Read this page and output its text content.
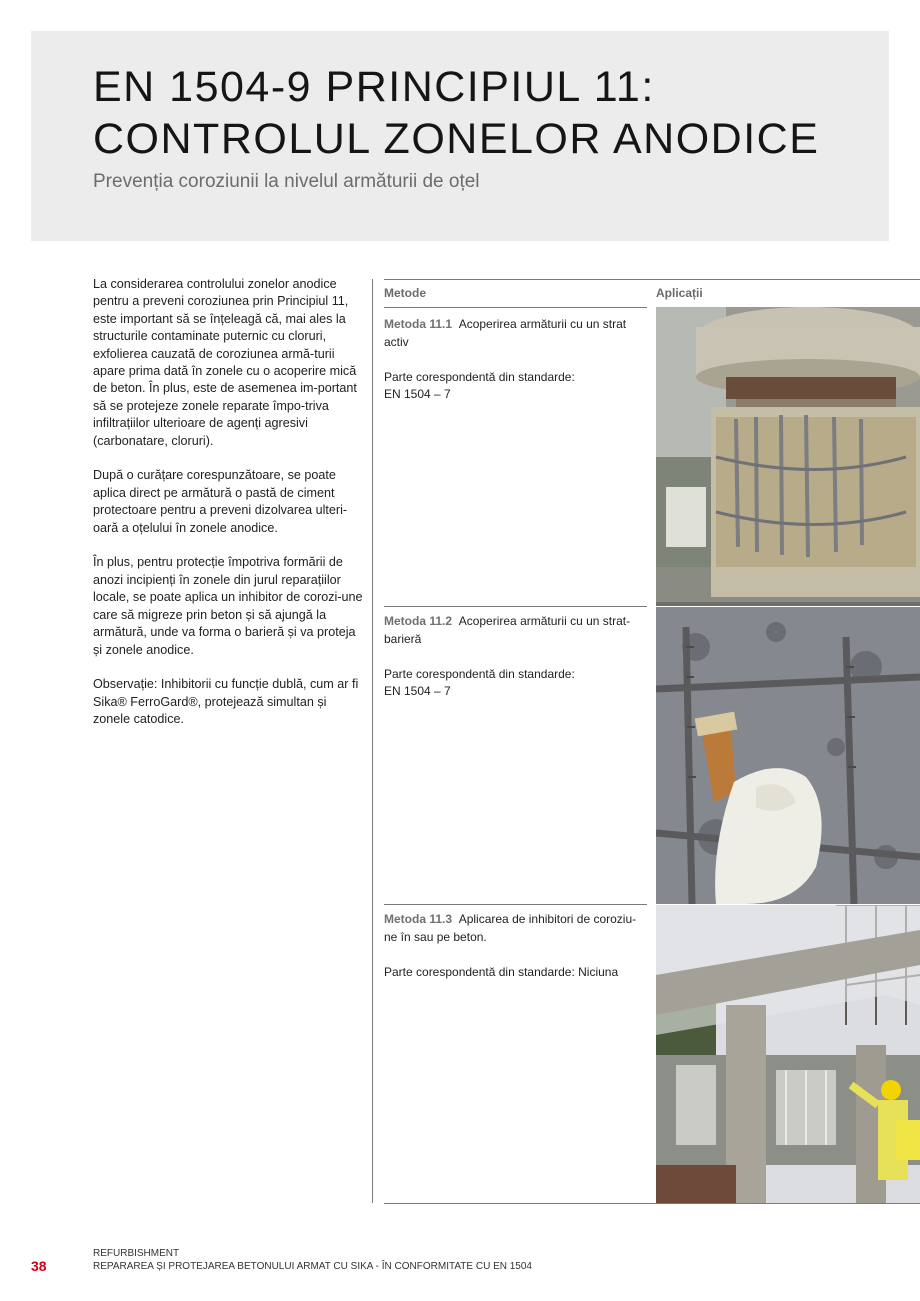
EN 1504-9 PRINCIPIUL 11:
CONTROLUL ZONELOR ANODICE
Prevenția coroziunii la nivelul armăturii de oțel

La considerarea controlului zonelor anodice pentru a preveni coroziunea prin Principiul 11, este important să se înțeleagă că, mai ales la structurile contaminate puternic cu cloruri, exfolierea cauzată de coroziunea armă-turii apare prima dată în zonele cu o acoperire mică de beton. În plus, este de asemenea im-portant să se protejeze zonele reparate împo-triva infiltrațiilor ulterioare de agenți agresivi (carbonatare, cloruri).

După o curățare corespunzătoare, se poate aplica direct pe armătură o pastă de ciment protectoare pentru a preveni dizolvarea ulteri-oară a oțelului în zonele anodice.

În plus, pentru protecție împotriva formării de anozi incipienți în zonele din jurul reparațiilor locale, se poate aplica un inhibitor de corozi-une care să migreze prin beton și să ajungă la armătură, unde va forma o barieră și va proteja și zonele anodice.

Observație: Inhibitorii cu funcție dublă, cum ar fi Sika® FerroGard®, protejează simultan și zonele catodice.

Metode	Aplicații

Metoda 11.1 Acoperirea armăturii cu un strat activ

Parte corespondentă din standarde:
EN 1504 – 7

Metoda 11.2 Acoperirea armăturii cu un strat-barieră

Parte corespondentă din standarde:
EN 1504 – 7

Metoda 11.3 Aplicarea de inhibitori de coroziu-ne în sau pe beton.

Parte corespondentă din standarde: Niciuna
38
REFURBISHMENT
REPARAREA ȘI PROTEJAREA BETONULUI ARMAT CU SIKA - ÎN CONFORMITATE CU EN 1504
